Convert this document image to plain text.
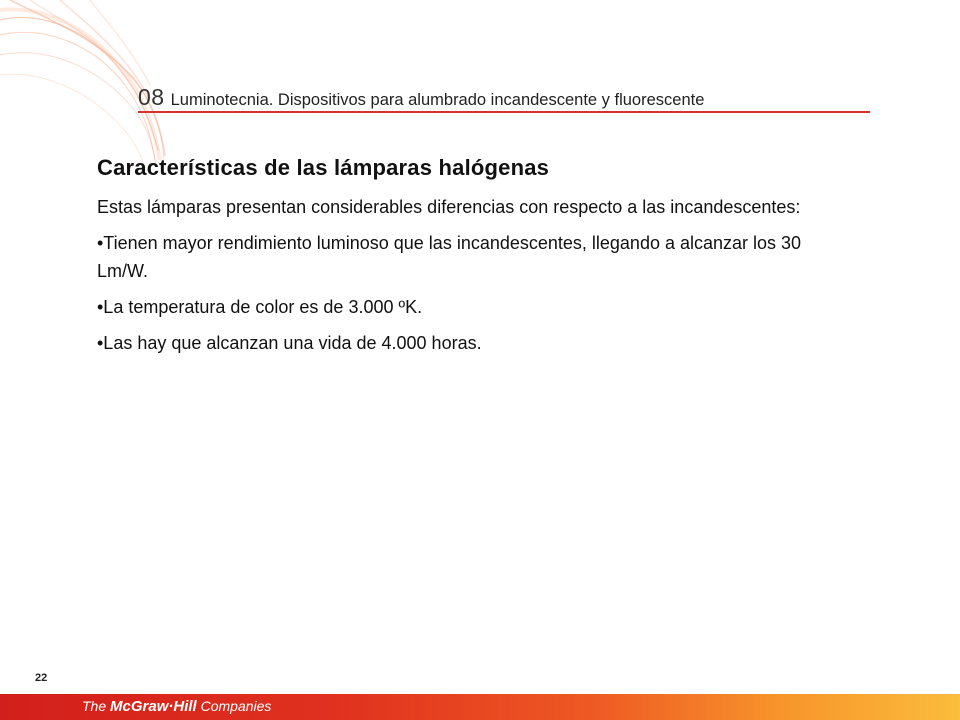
08 Luminotecnia. Dispositivos para alumbrado incandescente y fluorescente
Características de las lámparas halógenas

Estas lámparas presentan considerables diferencias con respecto a las incandescentes:

•Tienen mayor rendimiento luminoso que las incandescentes, llegando a alcanzar los 30 Lm/W.

•La temperatura de color es de 3.000 ºK.

•Las hay que alcanzan una vida de 4.000 horas.

22
The McGraw·Hill Companies
